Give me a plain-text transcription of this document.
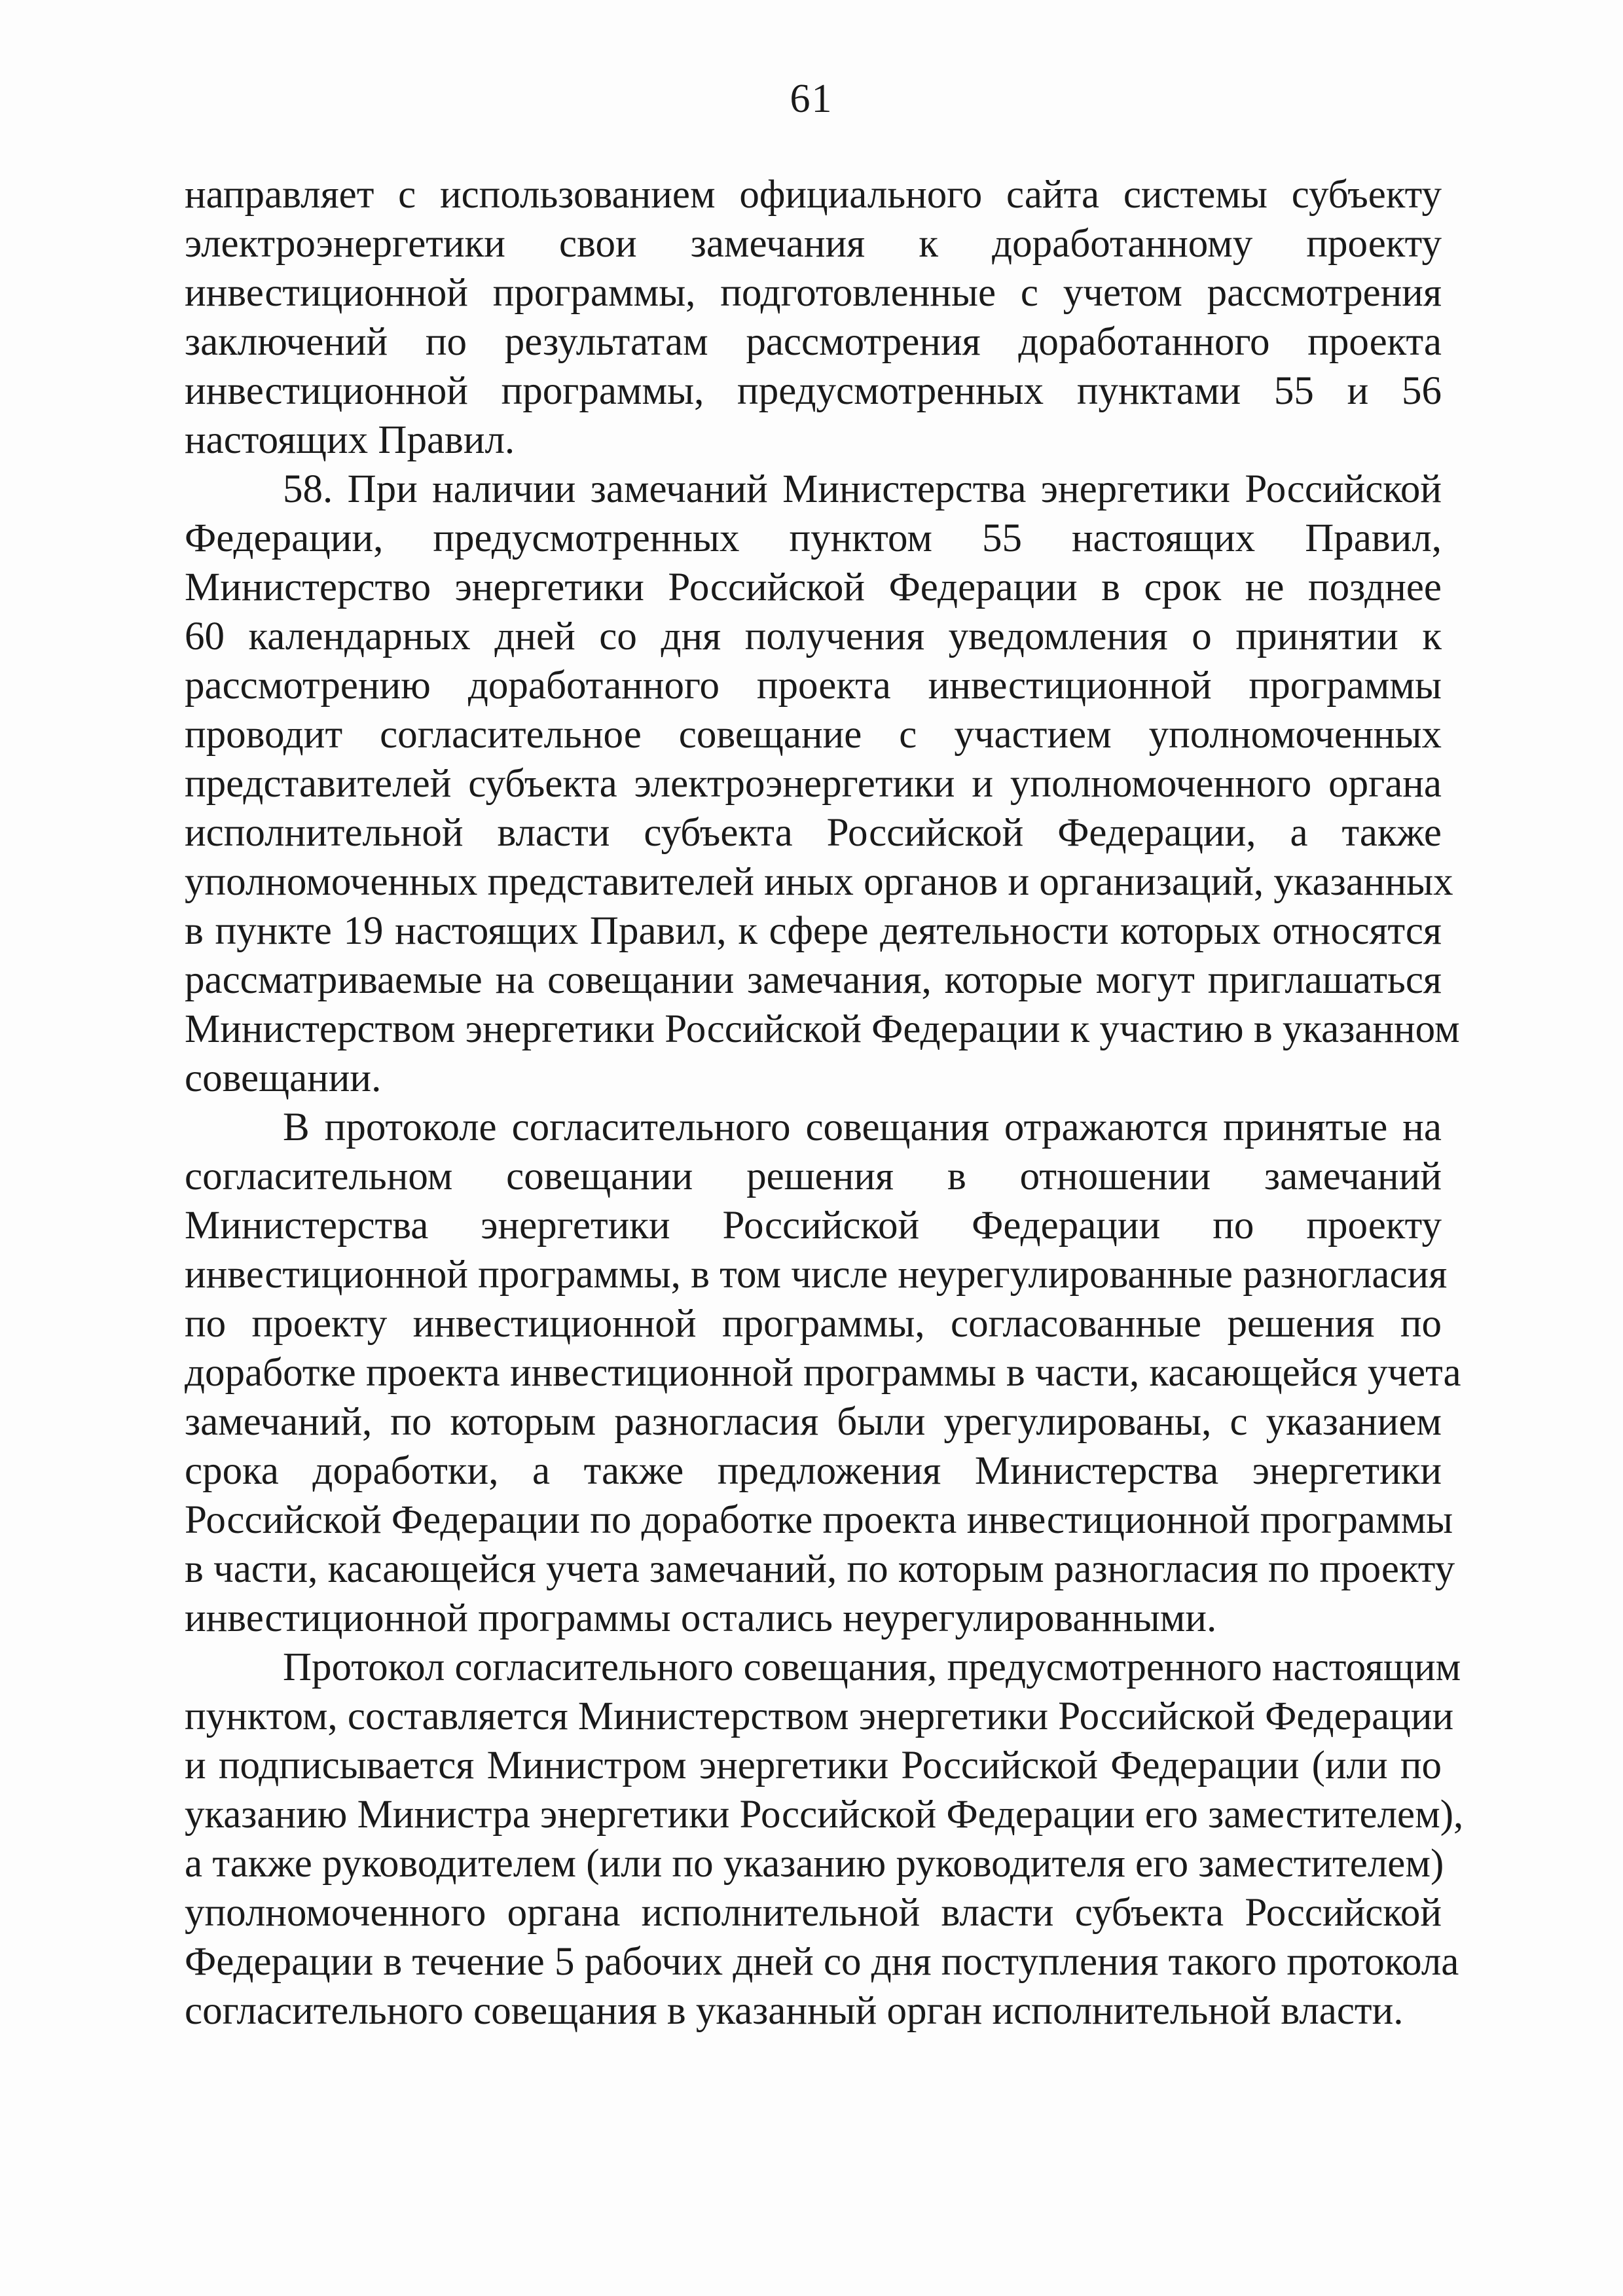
61

направляет с использованием официального сайта системы субъекту
электроэнергетики свои замечания к доработанному проекту
инвестиционной программы, подготовленные с учетом рассмотрения
заключений по результатам рассмотрения доработанного проекта
инвестиционной программы, предусмотренных пунктами 55 и 56
настоящих Правил.

58. При наличии замечаний Министерства энергетики Российской
Федерации, предусмотренных пунктом 55 настоящих Правил,
Министерство энергетики Российской Федерации в срок не позднее
60 календарных дней со дня получения уведомления о принятии к
рассмотрению доработанного проекта инвестиционной программы
проводит согласительное совещание с участием уполномоченных
представителей субъекта электроэнергетики и уполномоченного органа
исполнительной власти субъекта Российской Федерации, а также
уполномоченных представителей иных органов и организаций, указанных
в пункте 19 настоящих Правил, к сфере деятельности которых относятся
рассматриваемые на совещании замечания, которые могут приглашаться
Министерством энергетики Российской Федерации к участию в указанном
совещании.

В протоколе согласительного совещания отражаются принятые на
согласительном совещании решения в отношении замечаний
Министерства энергетики Российской Федерации по проекту
инвестиционной программы, в том числе неурегулированные разногласия
по проекту инвестиционной программы, согласованные решения по
доработке проекта инвестиционной программы в части, касающейся учета
замечаний, по которым разногласия были урегулированы, с указанием
срока доработки, а также предложения Министерства энергетики
Российской Федерации по доработке проекта инвестиционной программы
в части, касающейся учета замечаний, по которым разногласия по проекту
инвестиционной программы остались неурегулированными.

Протокол согласительного совещания, предусмотренного настоящим
пунктом, составляется Министерством энергетики Российской Федерации
и подписывается Министром энергетики Российской Федерации (или по
указанию Министра энергетики Российской Федерации его заместителем),
а также руководителем (или по указанию руководителя его заместителем)
уполномоченного органа исполнительной власти субъекта Российской
Федерации в течение 5 рабочих дней со дня поступления такого протокола
согласительного совещания в указанный орган исполнительной власти.
